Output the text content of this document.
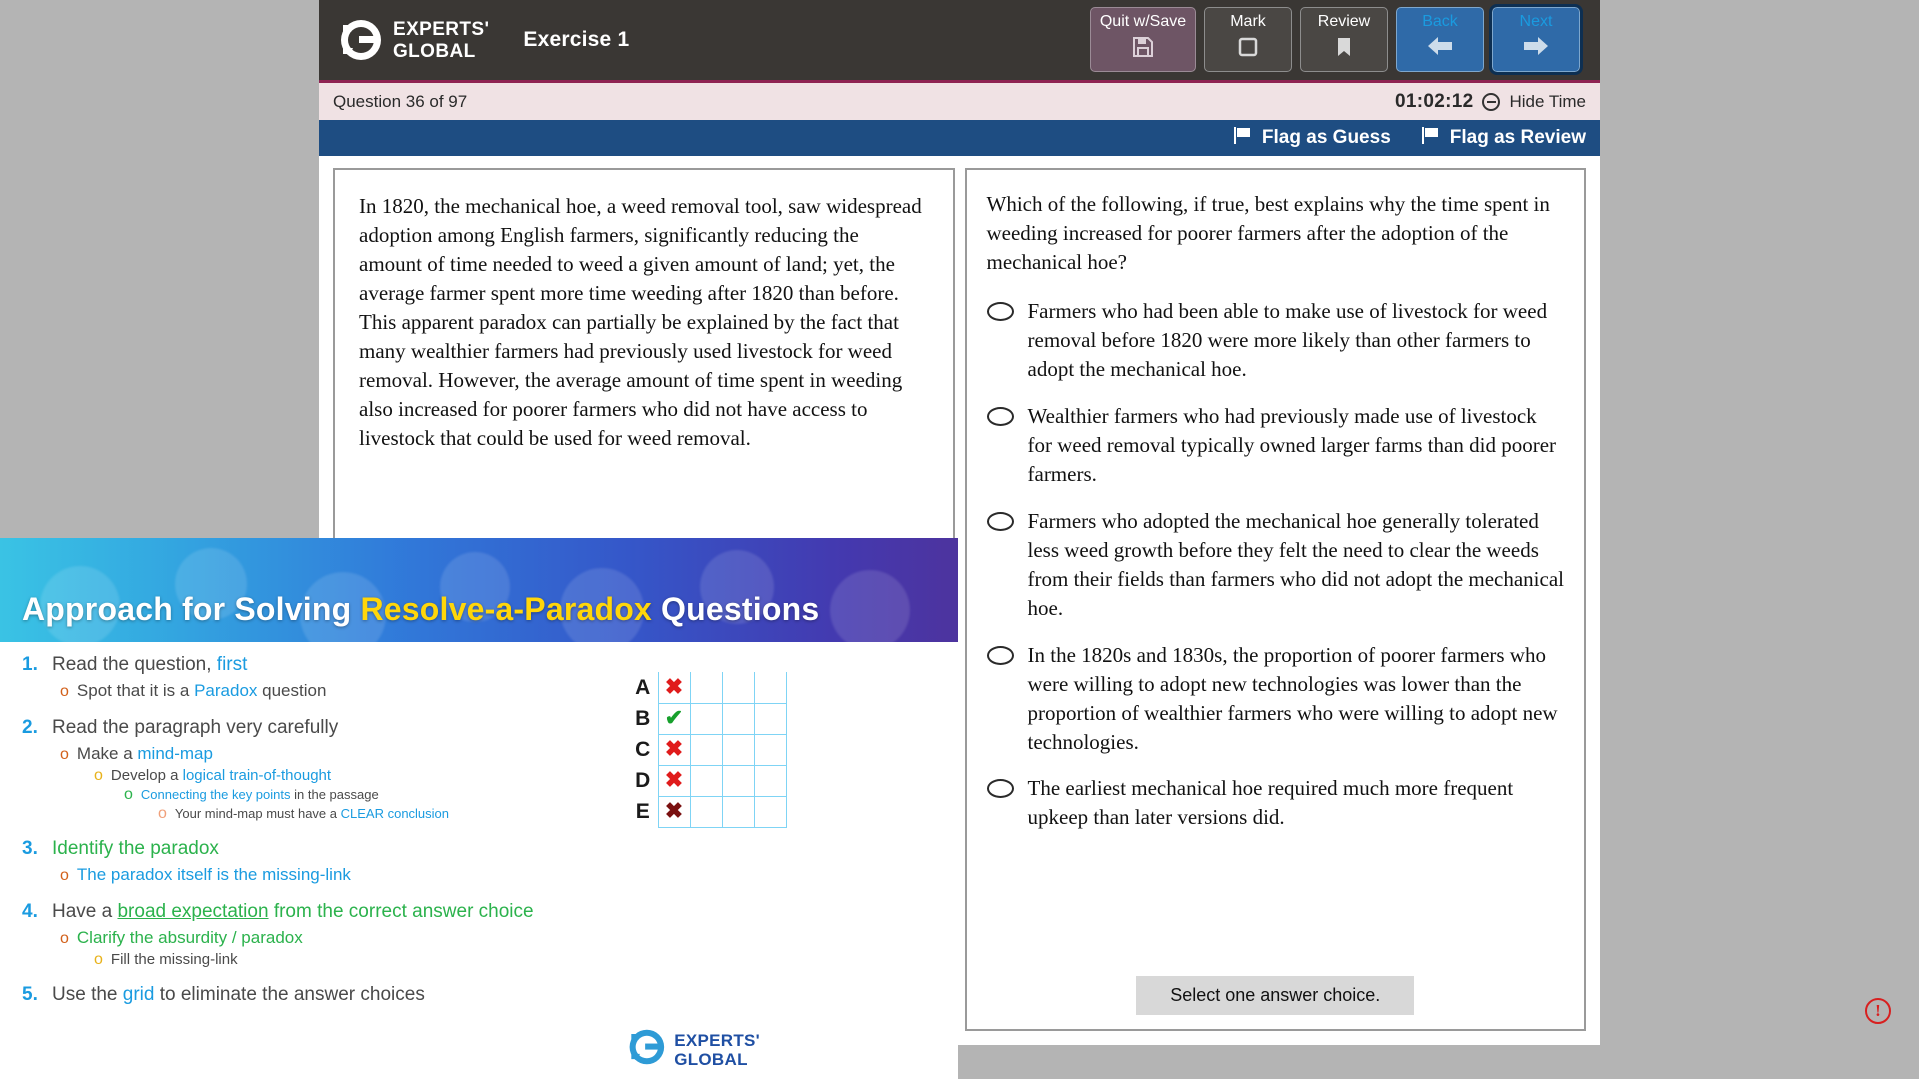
EXPERTS'
GLOBAL	Exercise 1
Quit w/Save	Mark	Review	Back	Next
Question 36 of 97	01:02:12 Hide Time
Flag as Guess	Flag as Review
In 1820, the mechanical hoe, a weed removal tool, saw widespread adoption among English farmers, significantly reducing the amount of time needed to weed a given amount of land; yet, the average farmer spent more time weeding after 1820 than before. This apparent paradox can partially be explained by the fact that many wealthier farmers had previously used livestock for weed removal. However, the average amount of time spent in weeding also increased for poorer farmers who did not have access to livestock that could be used for weed removal.
Which of the following, if true, best explains why the time spent in weeding increased for poorer farmers after the adoption of the mechanical hoe?
Farmers who had been able to make use of livestock for weed removal before 1820 were more likely than other farmers to adopt the mechanical hoe.
Wealthier farmers who had previously made use of livestock for weed removal typically owned larger farms than did poorer farmers.
Farmers who adopted the mechanical hoe generally tolerated less weed growth before they felt the need to clear the weeds from their fields than farmers who did not adopt the mechanical hoe.
In the 1820s and 1830s, the proportion of poorer farmers who were willing to adopt new technologies was lower than the proportion of wealthier farmers who were willing to adopt new technologies.
The earliest mechanical hoe required much more frequent upkeep than later versions did.
Select one answer choice.
Approach for Solving Resolve-a-Paradox Questions
1. Read the question, first
o Spot that it is a Paradox question
2. Read the paragraph very carefully
o Make a mind-map
o Develop a logical train-of-thought
o Connecting the key points in the passage
o Your mind-map must have a CLEAR conclusion
3. Identify the paradox
o The paradox itself is the missing-link
4. Have a broad expectation from the correct answer choice
o Clarify the absurdity / paradox
o Fill the missing-link
5. Use the grid to eliminate the answer choices
A	✖			
B	✔			
C	✖			
D	✖			
E	✖			
EXPERTS'
GLOBAL
!
